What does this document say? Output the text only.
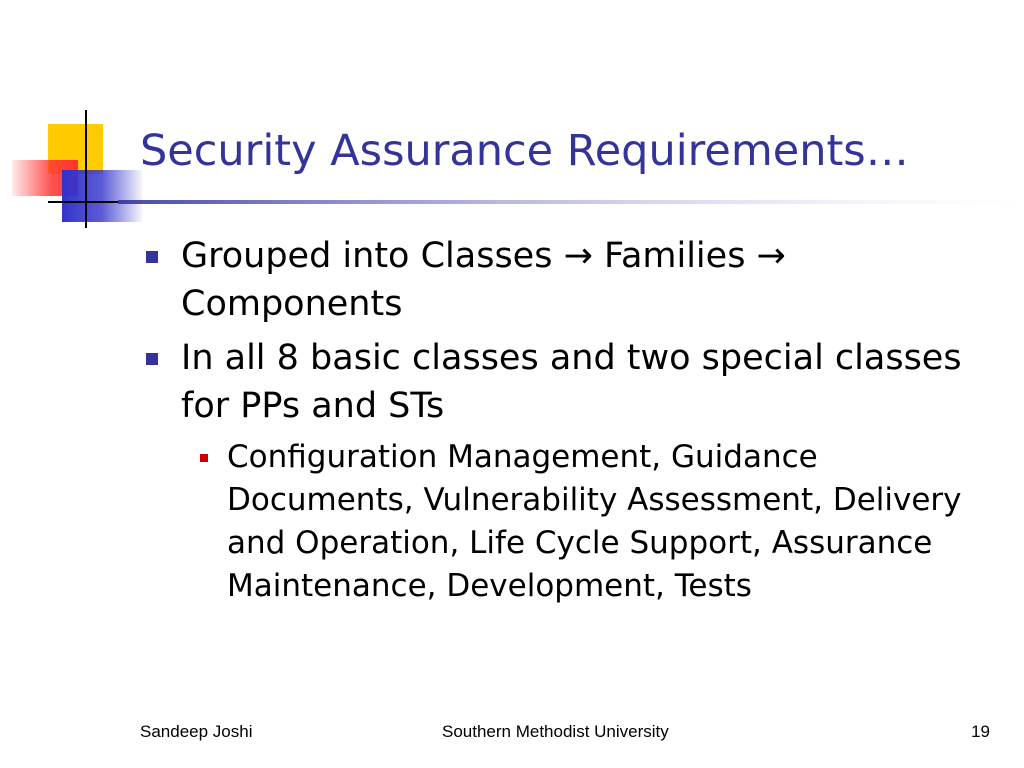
Security Assurance Requirements…
Grouped into Classes → Families → Components
In all 8 basic classes and two special classes for PPs and STs
Configuration Management, Guidance Documents, Vulnerability Assessment, Delivery and Operation, Life Cycle Support, Assurance Maintenance, Development, Tests
Sandeep Joshi	Southern Methodist University	19
